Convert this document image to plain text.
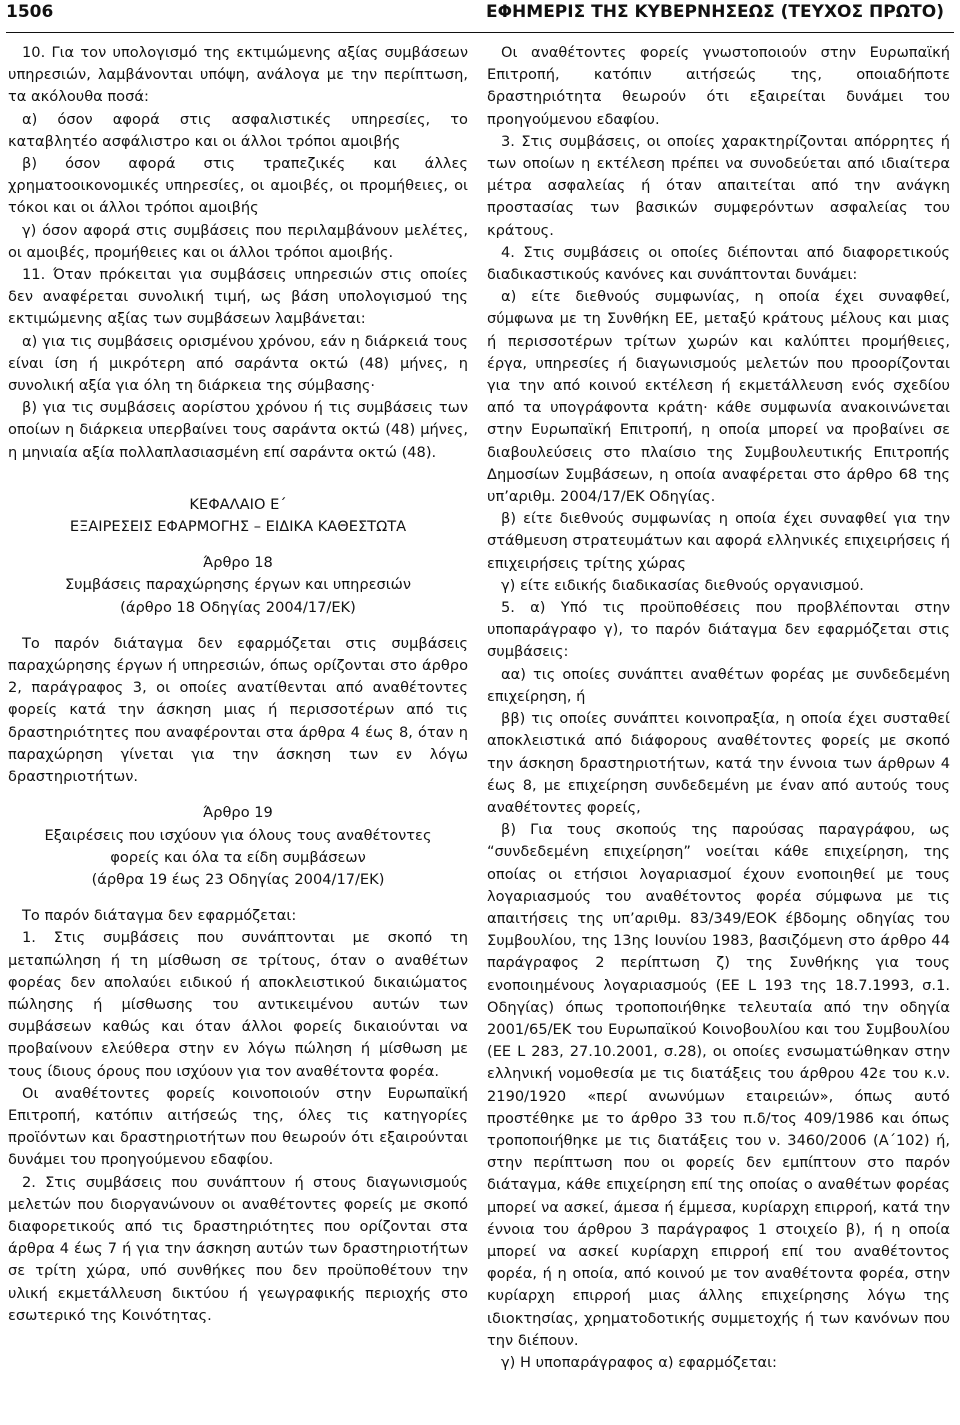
1506	ΕΦΗΜΕΡΙΣ ΤΗΣ ΚΥΒΕΡΝΗΣΕΩΣ (ΤΕΥΧΟΣ ΠΡΩΤΟ)

10. Για τον υπολογισμό της εκτιμώμενης αξίας συμβάσεων υπηρεσιών, λαμβάνονται υπόψη, ανάλογα με την περίπτωση, τα ακόλουθα ποσά:

α) όσον αφορά στις ασφαλιστικές υπηρεσίες, το καταβλητέο ασφάλιστρο και οι άλλοι τρόποι αμοιβής

β) όσον αφορά στις τραπεζικές και άλλες χρηματοοικονομικές υπηρεσίες, οι αμοιβές, οι προμήθειες, οι τόκοι και οι άλλοι τρόποι αμοιβής

γ) όσον αφορά στις συμβάσεις που περιλαμβάνουν μελέτες, οι αμοιβές, προμήθειες και οι άλλοι τρόποι αμοιβής.

11. Όταν πρόκειται για συμβάσεις υπηρεσιών στις οποίες δεν αναφέρεται συνολική τιμή, ως βάση υπολογισμού της εκτιμώμενης αξίας των συμβάσεων λαμβάνεται:

α) για τις συμβάσεις ορισμένου χρόνου, εάν η διάρκειά τους είναι ίση ή μικρότερη από σαράντα οκτώ (48) μήνες, η συνολική αξία για όλη τη διάρκεια της σύμβασης·

β) για τις συμβάσεις αορίστου χρόνου ή τις συμβάσεις των οποίων η διάρκεια υπερβαίνει τους σαράντα οκτώ (48) μήνες, η μηνιαία αξία πολλαπλασιασμένη επί σαράντα οκτώ (48).

ΚΕΦΑΛΑΙΟ Ε΄

ΕΞΑΙΡΕΣΕΙΣ ΕΦΑΡΜΟΓΗΣ – ΕΙΔΙΚΑ ΚΑΘΕΣΤΩΤΑ

Άρθρο 18

Συμβάσεις παραχώρησης έργων και υπηρεσιών

(άρθρο 18 Οδηγίας 2004/17/ΕΚ)

Το παρόν διάταγμα δεν εφαρμόζεται στις συμβάσεις παραχώρησης έργων ή υπηρεσιών, όπως ορίζονται στο άρθρο 2, παράγραφος 3, οι οποίες ανατίθενται από αναθέτοντες φορείς κατά την άσκηση μιας ή περισσοτέρων από τις δραστηριότητες που αναφέρονται στα άρθρα 4 έως 8, όταν η παραχώρηση γίνεται για την άσκηση των εν λόγω δραστηριοτήτων.

Άρθρο 19

Εξαιρέσεις που ισχύουν για όλους τους αναθέτοντες

φορείς και όλα τα είδη συμβάσεων

(άρθρα 19 έως 23 Οδηγίας 2004/17/ΕΚ)

Το παρόν διάταγμα δεν εφαρμόζεται:

1. Στις συμβάσεις που συνάπτονται με σκοπό τη μεταπώληση ή τη μίσθωση σε τρίτους, όταν ο αναθέτων φορέας δεν απολαύει ειδικού ή αποκλειστικού δικαιώματος πώλησης ή μίσθωσης του αντικειμένου αυτών των συμβάσεων καθώς και όταν άλλοι φορείς δικαιούνται να προβαίνουν ελεύθερα στην εν λόγω πώληση ή μίσθωση με τους ίδιους όρους που ισχύουν για τον αναθέτοντα φορέα.

Οι αναθέτοντες φορείς κοινοποιούν στην Ευρωπαϊκή Επιτροπή, κατόπιν αιτήσεώς της, όλες τις κατηγορίες προϊόντων και δραστηριοτήτων που θεωρούν ότι εξαιρούνται δυνάμει του προηγούμενου εδαφίου.

2. Στις συμβάσεις που συνάπτουν ή στους διαγωνισμούς μελετών που διοργανώνουν οι αναθέτοντες φορείς με σκοπό διαφορετικούς από τις δραστηριότητες που ορίζονται στα άρθρα 4 έως 7 ή για την άσκηση αυτών των δραστηριοτήτων σε τρίτη χώρα, υπό συνθήκες που δεν προϋποθέτουν την υλική εκμετάλλευση δικτύου ή γεωγραφικής περιοχής στο εσωτερικό της Κοινότητας.

Οι αναθέτοντες φορείς γνωστοποιούν στην Ευρωπαϊκή Επιτροπή, κατόπιν αιτήσεώς της, οποιαδήποτε δραστηριότητα θεωρούν ότι εξαιρείται δυνάμει του προηγούμενου εδαφίου.

3. Στις συμβάσεις, οι οποίες χαρακτηρίζονται απόρρητες ή των οποίων η εκτέλεση πρέπει να συνοδεύεται από ιδιαίτερα μέτρα ασφαλείας ή όταν απαιτείται από την ανάγκη προστασίας των βασικών συμφερόντων ασφαλείας του κράτους.

4. Στις συμβάσεις οι οποίες διέπονται από διαφορετικούς διαδικαστικούς κανόνες και συνάπτονται δυνάμει:

α) είτε διεθνούς συμφωνίας, η οποία έχει συναφθεί, σύμφωνα με τη Συνθήκη ΕΕ, μεταξύ κράτους μέλους και μιας ή περισσοτέρων τρίτων χωρών και καλύπτει προμήθειες, έργα, υπηρεσίες ή διαγωνισμούς μελετών που προορίζονται για την από κοινού εκτέλεση ή εκμετάλλευση ενός σχεδίου από τα υπογράφοντα κράτη· κάθε συμφωνία ανακοινώνεται στην Ευρωπαϊκή Επιτροπή, η οποία μπορεί να προβαίνει σε διαβουλεύσεις στο πλαίσιο της Συμβουλευτικής Επιτροπής Δημοσίων Συμβάσεων, η οποία αναφέρεται στο άρθρο 68 της υπ’αριθμ. 2004/17/ΕΚ Οδηγίας.

β) είτε διεθνούς συμφωνίας η οποία έχει συναφθεί για την στάθμευση στρατευμάτων και αφορά ελληνικές επιχειρήσεις ή επιχειρήσεις τρίτης χώρας

γ) είτε ειδικής διαδικασίας διεθνούς οργανισμού.

5. α) Υπό τις προϋποθέσεις που προβλέπονται στην υποπαράγραφο γ), το παρόν διάταγμα δεν εφαρμόζεται στις συμβάσεις:

αα) τις οποίες συνάπτει αναθέτων φορέας με συνδεδεμένη επιχείρηση, ή

ββ) τις οποίες συνάπτει κοινοπραξία, η οποία έχει συσταθεί αποκλειστικά από διάφορους αναθέτοντες φορείς με σκοπό την άσκηση δραστηριοτήτων, κατά την έννοια των άρθρων 4 έως 8, με επιχείρηση συνδεδεμένη με έναν από αυτούς τους αναθέτοντες φορείς,

β) Για τους σκοπούς της παρούσας παραγράφου, ως “συνδεδεμένη επιχείρηση” νοείται κάθε επιχείρηση, της οποίας οι ετήσιοι λογαριασμοί έχουν ενοποιηθεί με τους λογαριασμούς του αναθέτοντος φορέα σύμφωνα με τις απαιτήσεις της υπ’αριθμ. 83/349/ΕΟΚ έβδομης οδηγίας του Συμβουλίου, της 13ης Ιουνίου 1983, βασιζόμενη στο άρθρο 44 παράγραφος 2 περίπτωση ζ) της Συνθήκης για τους ενοποιημένους λογαριασμούς (EE L 193 της 18.7.1993, σ.1. Οδηγίας) όπως τροποποιήθηκε τελευταία από την οδηγία 2001/65/ΕΚ του Ευρωπαϊκού Κοινοβουλίου και του Συμβουλίου (EE L 283, 27.10.2001, σ.28), οι οποίες ενσωματώθηκαν στην ελληνική νομοθεσία με τις διατάξεις του άρθρου 42ε του κ.ν. 2190/1920 «περί ανωνύμων εταιρειών», όπως αυτό προστέθηκε με το άρθρο 33 του π.δ/τος 409/1986 και όπως τροποποιήθηκε με τις διατάξεις του ν. 3460/2006 (Α΄102) ή, στην περίπτωση που οι φορείς δεν εμπίπτουν στο παρόν διάταγμα, κάθε επιχείρηση επί της οποίας ο αναθέτων φορέας μπορεί να ασκεί, άμεσα ή έμμεσα, κυρίαρχη επιρροή, κατά την έννοια του άρθρου 3 παράγραφος 1 στοιχείο β), ή η οποία μπορεί να ασκεί κυρίαρχη επιρροή επί του αναθέτοντος φορέα, ή η οποία, από κοινού με τον αναθέτοντα φορέα, στην κυρίαρχη επιρροή μιας άλλης επιχείρησης λόγω της ιδιοκτησίας, χρηματοδοτικής συμμετοχής ή των κανόνων που την διέπουν.

γ) Η υποπαράγραφος α) εφαρμόζεται:
